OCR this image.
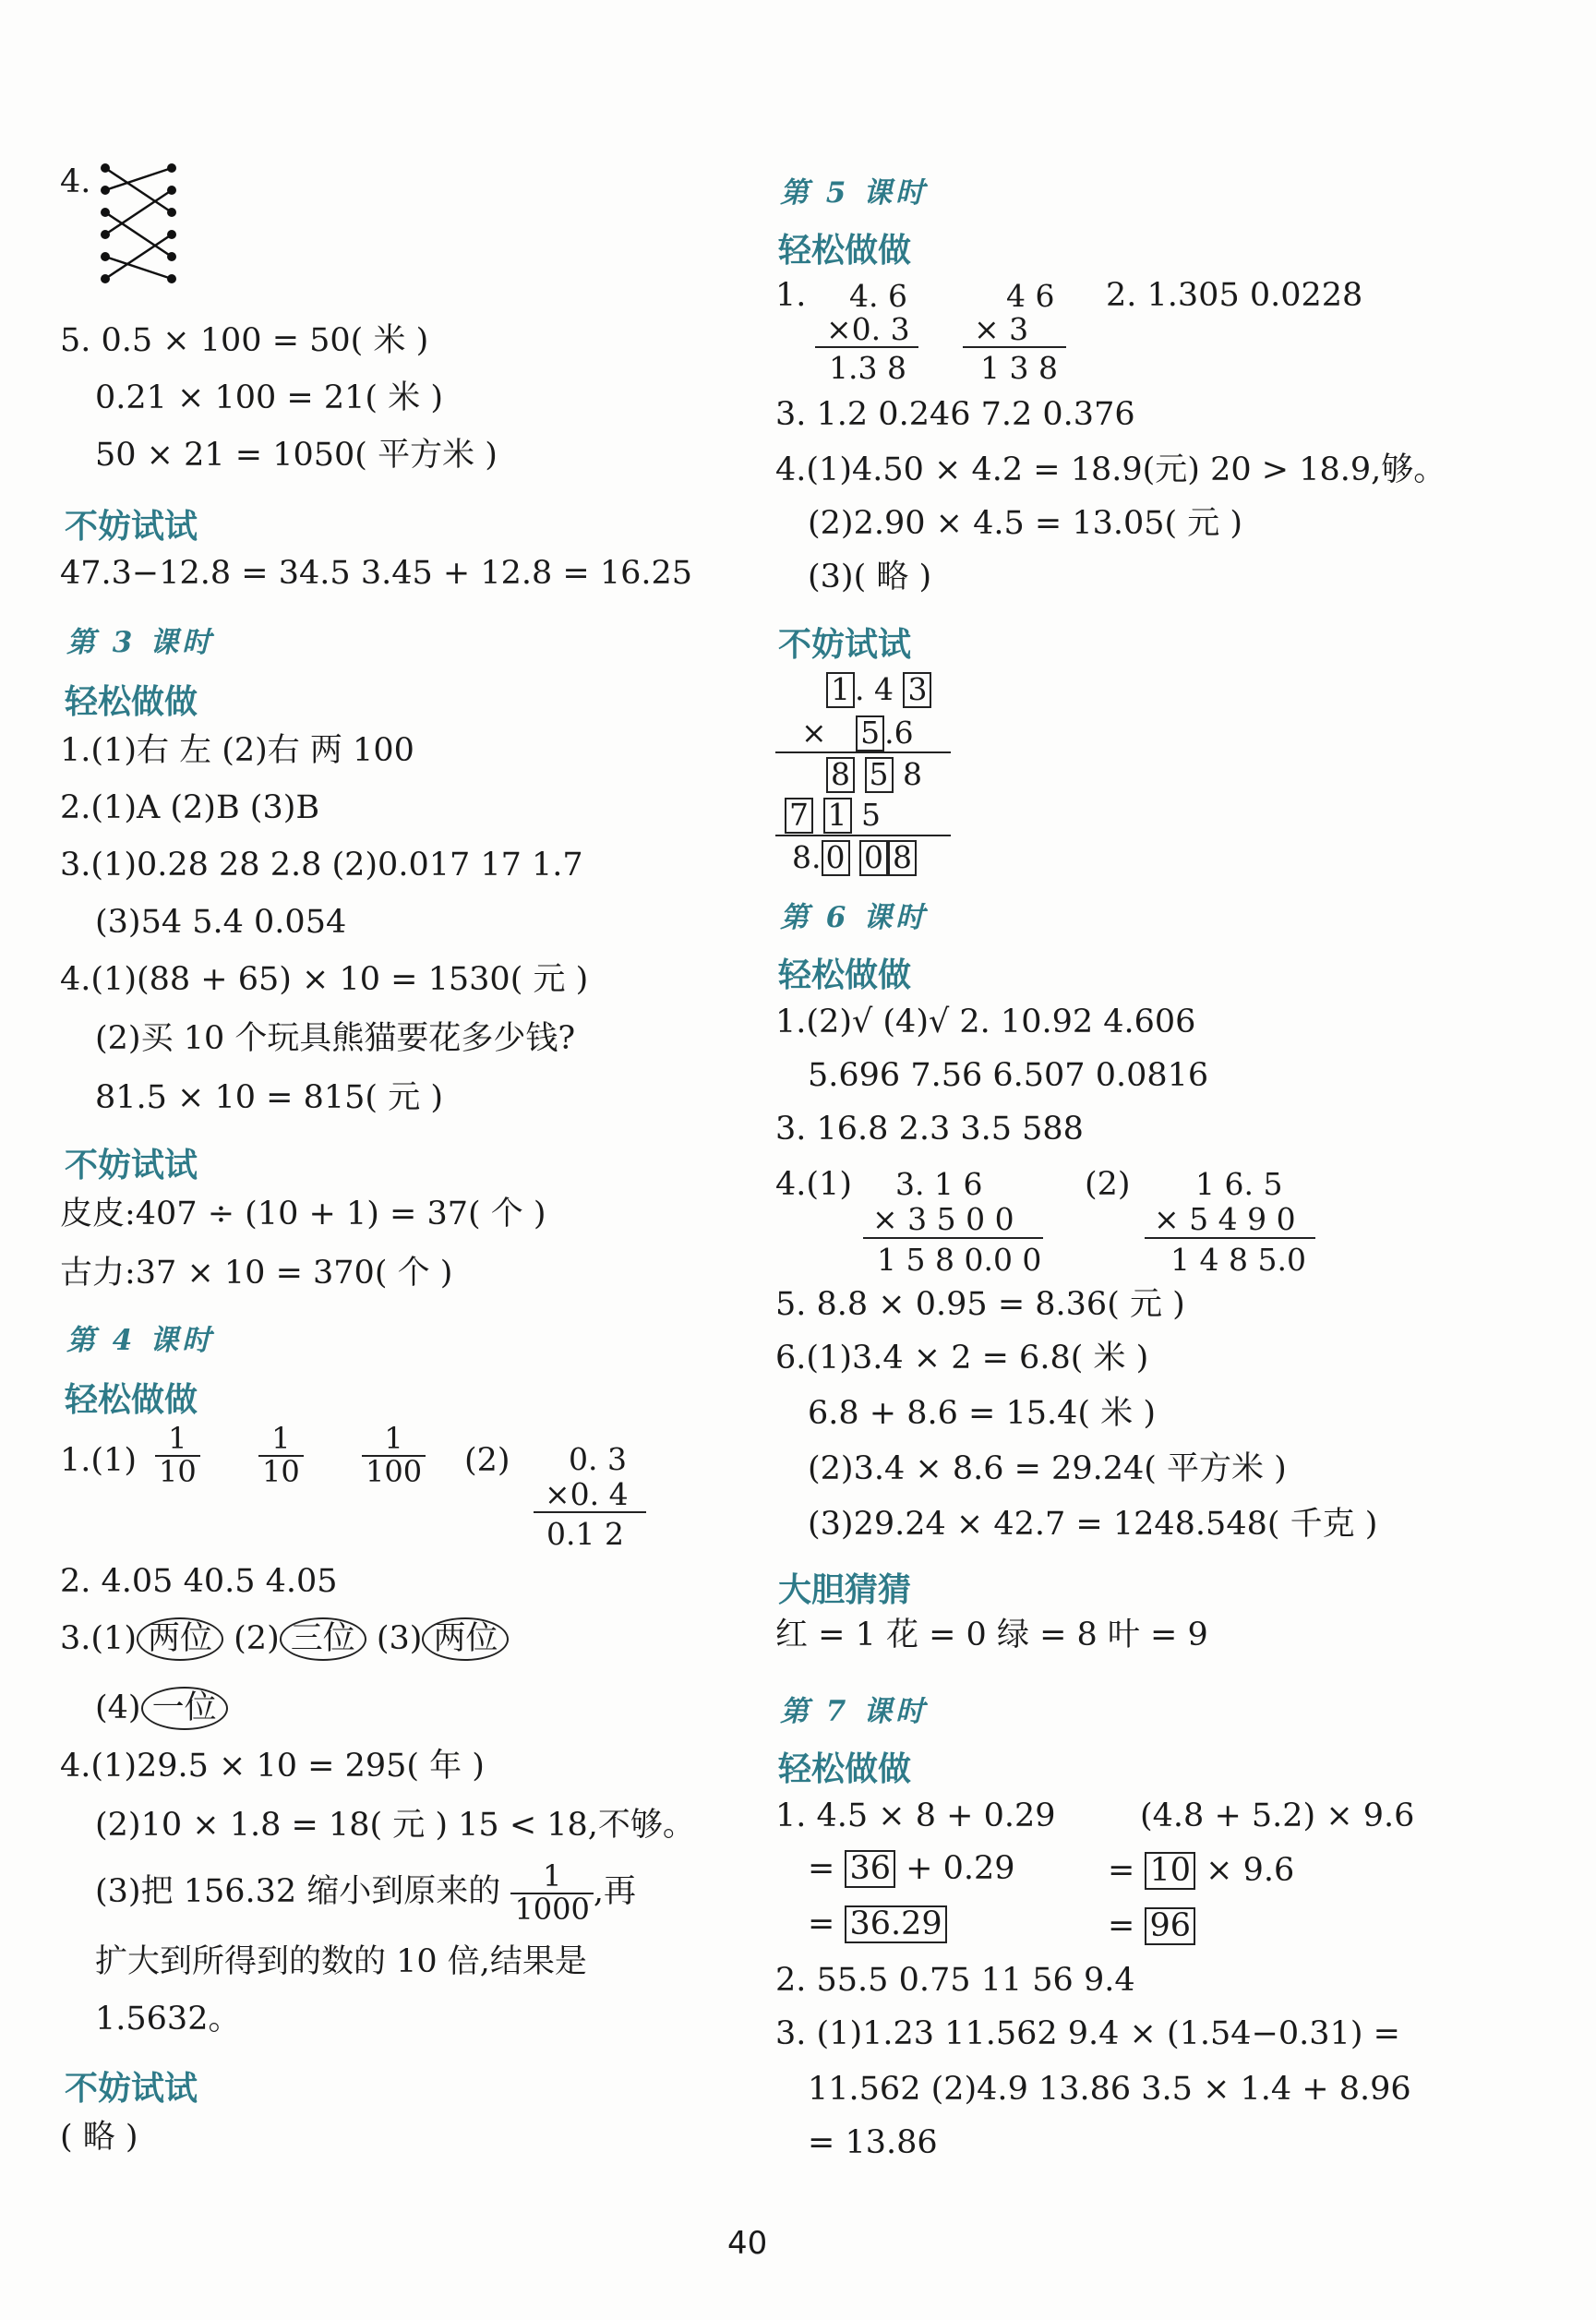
4.
5. 0.5 × 100 = 50( 米 )
0.21 × 100 = 21( 米 )
50 × 21 = 1050( 平方米 )
不妨试试
47.3−12.8 = 34.5 3.45 + 12.8 = 16.25
第 3 课时
轻松做做
1.(1)右 左 (2)右 两 100
2.(1)A (2)B (3)B
3.(1)0.28 28 2.8 (2)0.017 17 1.7
(3)54 5.4 0.054
4.(1)(88 + 65) × 10 = 1530( 元 )
(2)买 10 个玩具熊猫要花多少钱?
81.5 × 10 = 815( 元 )
不妨试试
皮皮:407 ÷ (10 + 1) = 37( 个 )
古力:37 × 10 = 370( 个 )
第 4 课时
轻松做做
$1.(1) \frac{1}{10} \frac{1}{10} \frac{1}{100} (2)$ 0. 3
×0. 4
0.1 2
2. 4.05 40.5 4.05
3.(1) 两位 (2) 三位 (3) 两位
(4) 一位
4.(1)29.5 × 10 = 295( 年 )
(2)10 × 1.8 = 18( 元 ) 15 < 18,不够。
(3)把 156.32 缩小到原来的 $\frac{1}{1000}$ ,再
扩大到所得到的数的 10 倍,结果是
1.5632。
不妨试试
( 略 )
第 5 课时
轻松做做
1. 4. 6
×0. 3
1.3 8
4 6
× 3
1 3 8
2. 1.305 0.0228
3. 1.2 0.246 7.2 0.376
4.(1)4.50 × 4.2 = 18.9(元) 20 > 18.9,够。
(2)2.90 × 4.5 = 13.05( 元 )
(3)( 略 )
不妨试试
1 . 4 3
× 5 .6
8 5 8
7 1 5
8. 0 0 8
第 6 课时
轻松做做
1.(2)√ (4)√ 2. 10.92 4.606
5.696 7.56 6.507 0.0816
3. 16.8 2.3 3.5 588
4.(1) 3. 1 6
× 3 5 0 0
1 5 8 0.0 0
(2) 1 6. 5
× 5 4 9 0
1 4 8 5.0
5. 8.8 × 0.95 = 8.36( 元 )
6.(1)3.4 × 2 = 6.8( 米 )
6.8 + 8.6 = 15.4( 米 )
(2)3.4 × 8.6 = 29.24( 平方米 )
(3)29.24 × 42.7 = 1248.548( 千克 )
大胆猜猜
红 = 1 花 = 0 绿 = 8 叶 = 9
第 7 课时
轻松做做
1. 4.5 × 8 + 0.29	(4.8 + 5.2) × 9.6
= 36 + 0.29	= 10 × 9.6
= 36.29	= 96
2. 55.5 0.75 11 56 9.4
3. (1)1.23 11.562 9.4 × (1.54−0.31) =
11.562 (2)4.9 13.86 3.5 × 1.4 + 8.96
= 13.86
40
